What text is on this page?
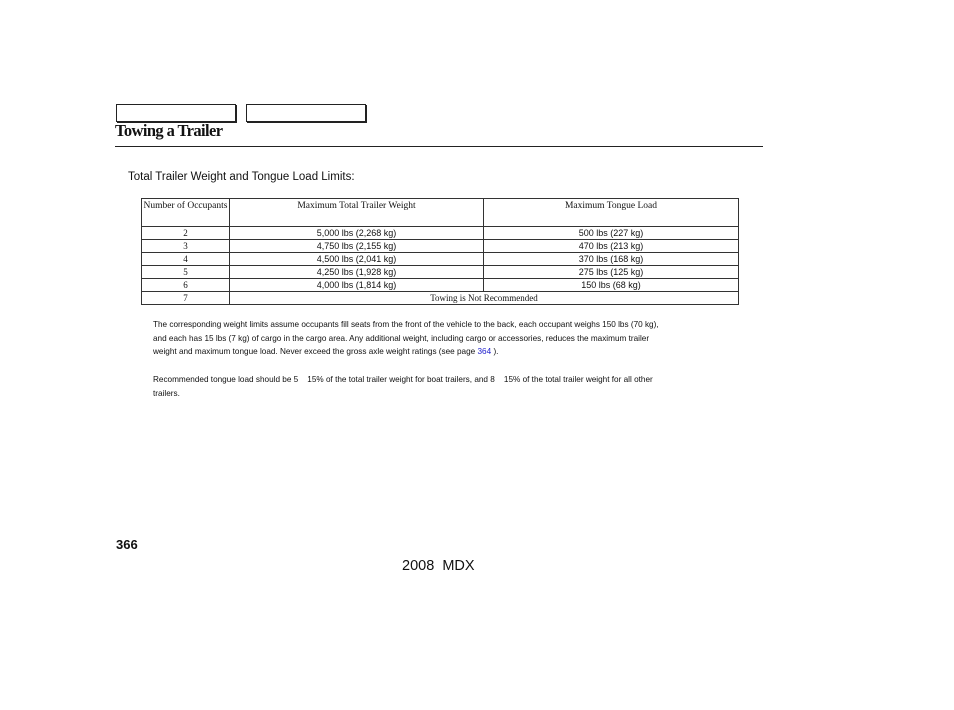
Towing a Trailer

Total Trailer Weight and Tongue Load Limits:

Number of Occupants	Maximum Total Trailer Weight	Maximum Tongue Load
2	5,000 lbs (2,268 kg)	500 lbs (227 kg)
3	4,750 lbs (2,155 kg)	470 lbs (213 kg)
4	4,500 lbs (2,041 kg)	370 lbs (168 kg)
5	4,250 lbs (1,928 kg)	275 lbs (125 kg)
6	4,000 lbs (1,814 kg)	150 lbs (68 kg)
7	Towing is Not Recommended	

The corresponding weight limits assume occupants fill seats from the front of the vehicle to the back, each occupant weighs 150 lbs (70 kg),
and each has 15 lbs (7 kg) of cargo in the cargo area. Any additional weight, including cargo or accessories, reduces the maximum trailer
weight and maximum tongue load. Never exceed the gross axle weight ratings (see page 364 ).

Recommended tongue load should be 5    15% of the total trailer weight for boat trailers, and 8    15% of the total trailer weight for all other
trailers.

366

2008  MDX
